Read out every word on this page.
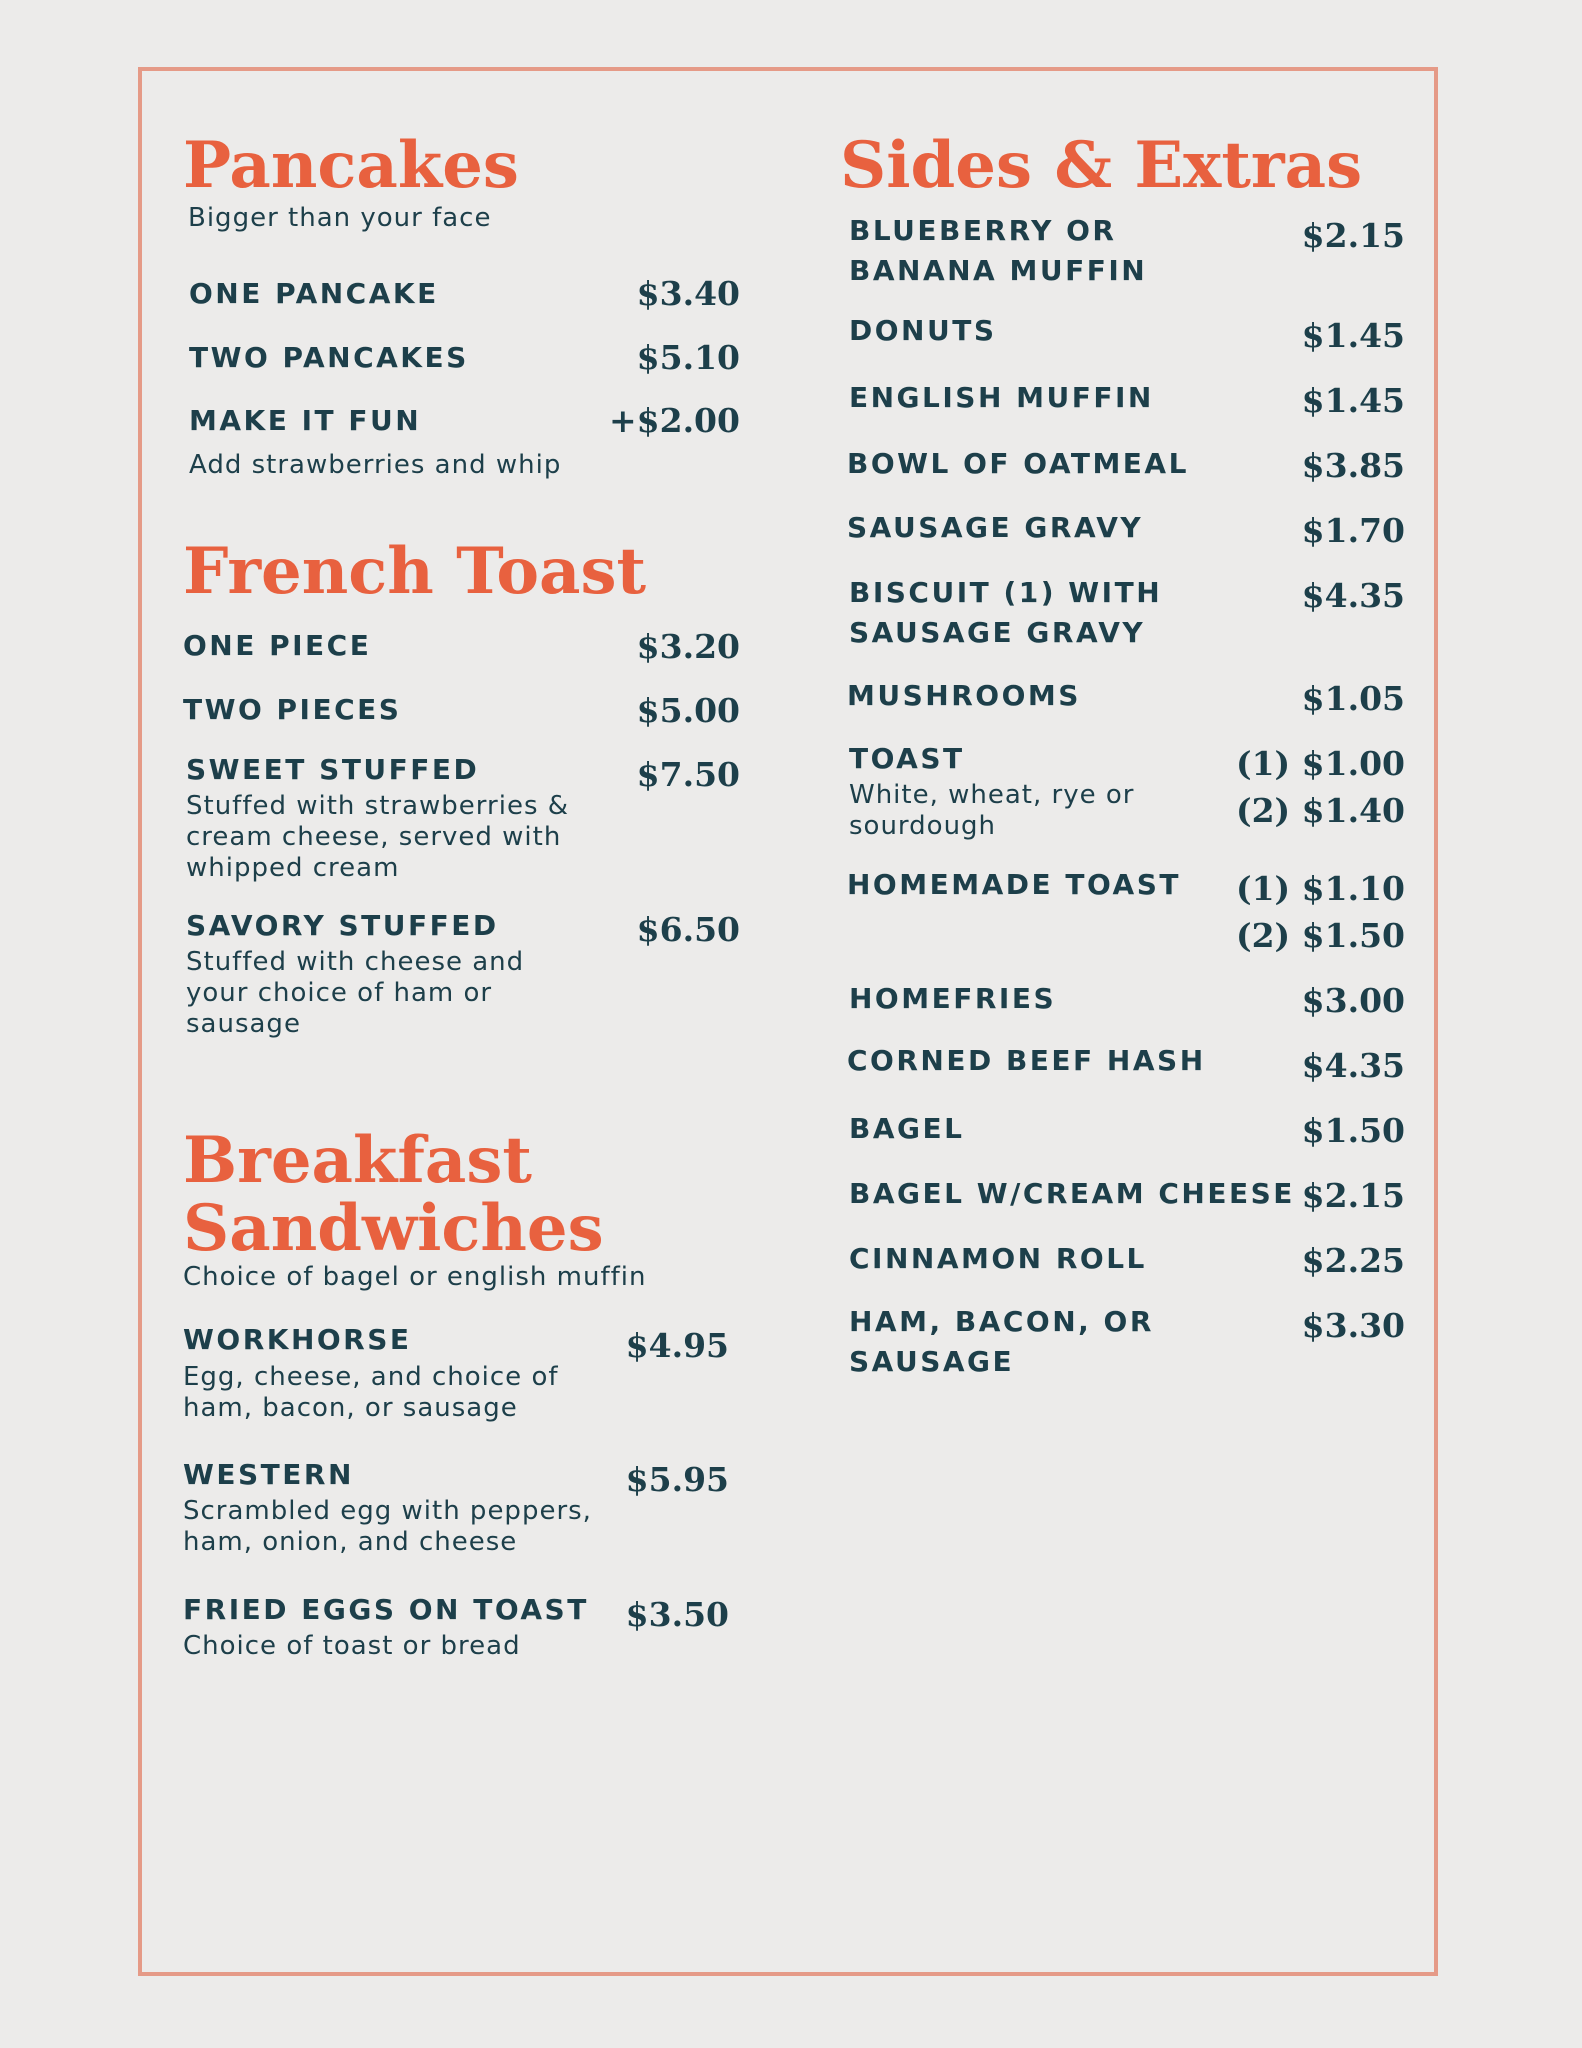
Pancakes
Bigger than your face
ONE PANCAKE	$3.40
TWO PANCAKES	$5.10
MAKE IT FUN	+$2.00
Add strawberries and whip
French Toast
ONE PIECE	$3.20
TWO PIECES	$5.00
SWEET STUFFED	$7.50
Stuffed with strawberries &
cream cheese, served with
whipped cream
SAVORY STUFFED	$6.50
Stuffed with cheese and
your choice of ham or
sausage
Breakfast
Sandwiches
Choice of bagel or english muffin
WORKHORSE	$4.95
Egg, cheese, and choice of
ham, bacon, or sausage
WESTERN	$5.95
Scrambled egg with peppers,
ham, onion, and cheese
FRIED EGGS ON TOAST $3.50
Choice of toast or bread
Sides & Extras
BLUEBERRY OR
BANANA MUFFIN
$2.15
DONUTS	$1.45
ENGLISH MUFFIN	$1.45
BOWL OF OATMEAL	$3.85
SAUSAGE GRAVY	$1.70
BISCUIT (1) WITH
SAUSAGE GRAVY
$4.35
MUSHROOMS	$1.05
TOAST
White, wheat, rye or
sourdough
(1) $1.00
(2) $1.40
HOMEMADE TOAST (1) $1.10
(2) $1.50
HOMEFRIES	$3.00
CORNED BEEF HASH	$4.35
BAGEL	$1.50
BAGEL W/CREAM CHEESE $2.15
CINNAMON ROLL	$2.25
HAM, BACON, OR
SAUSAGE
$3.30
